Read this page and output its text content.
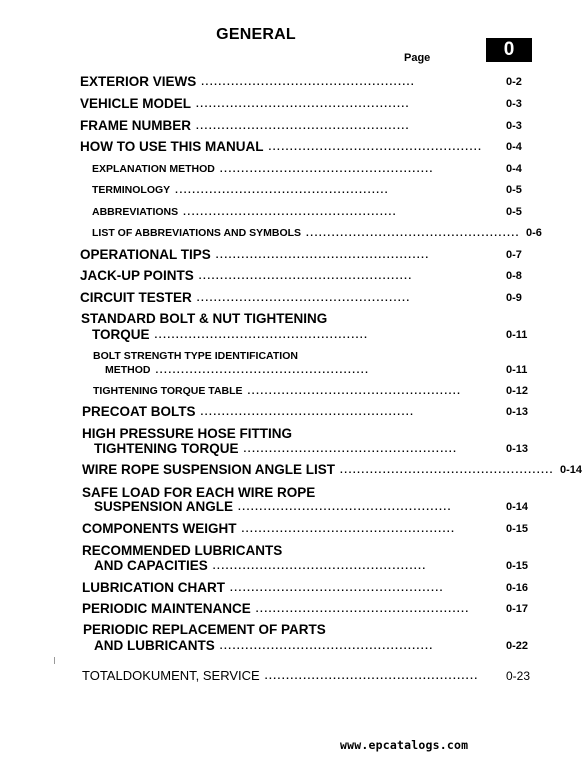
GENERAL
0
Page
EXTERIOR VIEWS ..................................................	0-2
VEHICLE MODEL ..................................................	0-3
FRAME NUMBER ..................................................	0-3
HOW TO USE THIS MANUAL ..................................................	0-4
EXPLANATION METHOD ..................................................	0-4
TERMINOLOGY ..................................................	0-5
ABBREVIATIONS ..................................................	0-5
LIST OF ABBREVIATIONS AND SYMBOLS .................................................. 0-6
OPERATIONAL TIPS ..................................................	0-7
JACK-UP POINTS ..................................................	0-8
CIRCUIT TESTER ..................................................	0-9
STANDARD BOLT & NUT TIGHTENING
TORQUE ..................................................	0-11
BOLT STRENGTH TYPE IDENTIFICATION
METHOD ..................................................	0-11
TIGHTENING TORQUE TABLE ..................................................	0-12
PRECOAT BOLTS ..................................................	0-13
HIGH PRESSURE HOSE FITTING
TIGHTENING TORQUE ..................................................	0-13
WIRE ROPE SUSPENSION ANGLE LIST .................................................. 0-14
SAFE LOAD FOR EACH WIRE ROPE
SUSPENSION ANGLE ..................................................	0-14
COMPONENTS WEIGHT ..................................................	0-15
RECOMMENDED LUBRICANTS
AND CAPACITIES ..................................................	0-15
LUBRICATION CHART ..................................................	0-16
PERIODIC MAINTENANCE ..................................................	0-17
PERIODIC REPLACEMENT OF PARTS
AND LUBRICANTS ..................................................	0-22
TOTALDOKUMENT, SERVICE ..................................................	0-23
www.epcatalogs.com
